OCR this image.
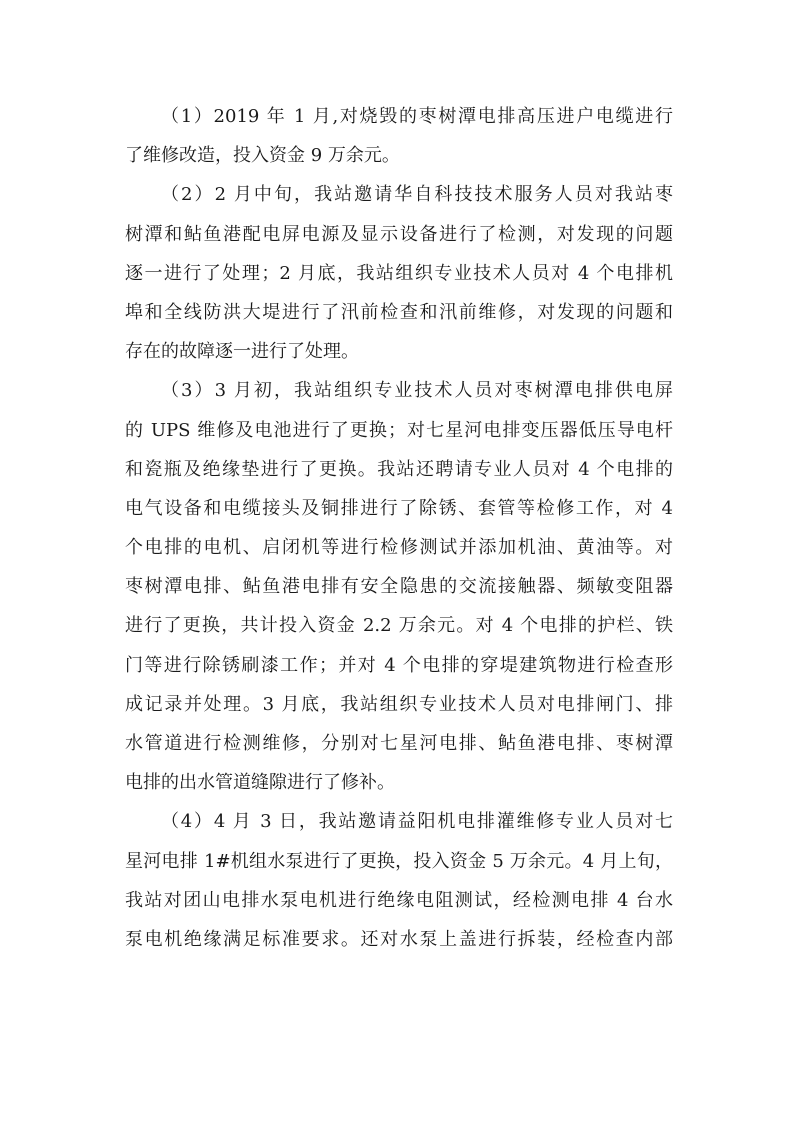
（1）2019 年 1 月,对烧毁的枣树潭电排高压进户电缆进行
了维修改造，投入资金 9 万余元。
（2）2 月中旬，我站邀请华自科技技术服务人员对我站枣
树潭和鲇鱼港配电屏电源及显示设备进行了检测，对发现的问题
逐一进行了处理；2 月底，我站组织专业技术人员对 4 个电排机
埠和全线防洪大堤进行了汛前检查和汛前维修，对发现的问题和
存在的故障逐一进行了处理。
（3）3 月初，我站组织专业技术人员对枣树潭电排供电屏
的 UPS 维修及电池进行了更换；对七星河电排变压器低压导电杆
和瓷瓶及绝缘垫进行了更换。我站还聘请专业人员对 4 个电排的
电气设备和电缆接头及铜排进行了除锈、套管等检修工作，对 4
个电排的电机、启闭机等进行检修测试并添加机油、黄油等。对
枣树潭电排、鲇鱼港电排有安全隐患的交流接触器、频敏变阻器
进行了更换，共计投入资金 2.2 万余元。对 4 个电排的护栏、铁
门等进行除锈刷漆工作；并对 4 个电排的穿堤建筑物进行检查形
成记录并处理。3 月底，我站组织专业技术人员对电排闸门、排
水管道进行检测维修，分别对七星河电排、鲇鱼港电排、枣树潭
电排的出水管道缝隙进行了修补。
（4）4 月 3 日，我站邀请益阳机电排灌维修专业人员对七
星河电排 1#机组水泵进行了更换，投入资金 5 万余元。4 月上旬，
我站对团山电排水泵电机进行绝缘电阻测试，经检测电排 4 台水
泵电机绝缘满足标准要求。还对水泵上盖进行拆装，经检查内部
